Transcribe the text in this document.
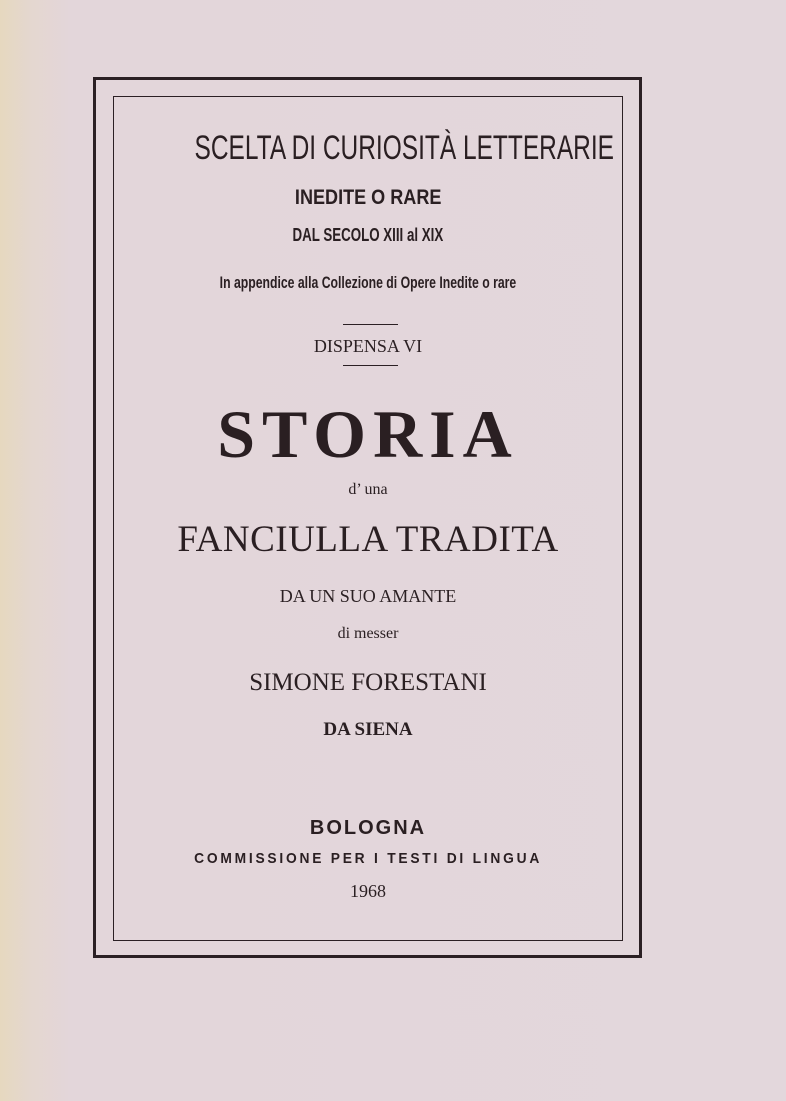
SCELTA DI CURIOSITÀ LETTERARIE
INEDITE O RARE
DAL SECOLO XIII al XIX
In appendice alla Collezione di Opere Inedite o rare
DISPENSA VI
STORIA
d’ una
FANCIULLA TRADITA
DA UN SUO AMANTE
di messer
SIMONE FORESTANI
DA SIENA
BOLOGNA
COMMISSIONE PER I TESTI DI LINGUA
1968
